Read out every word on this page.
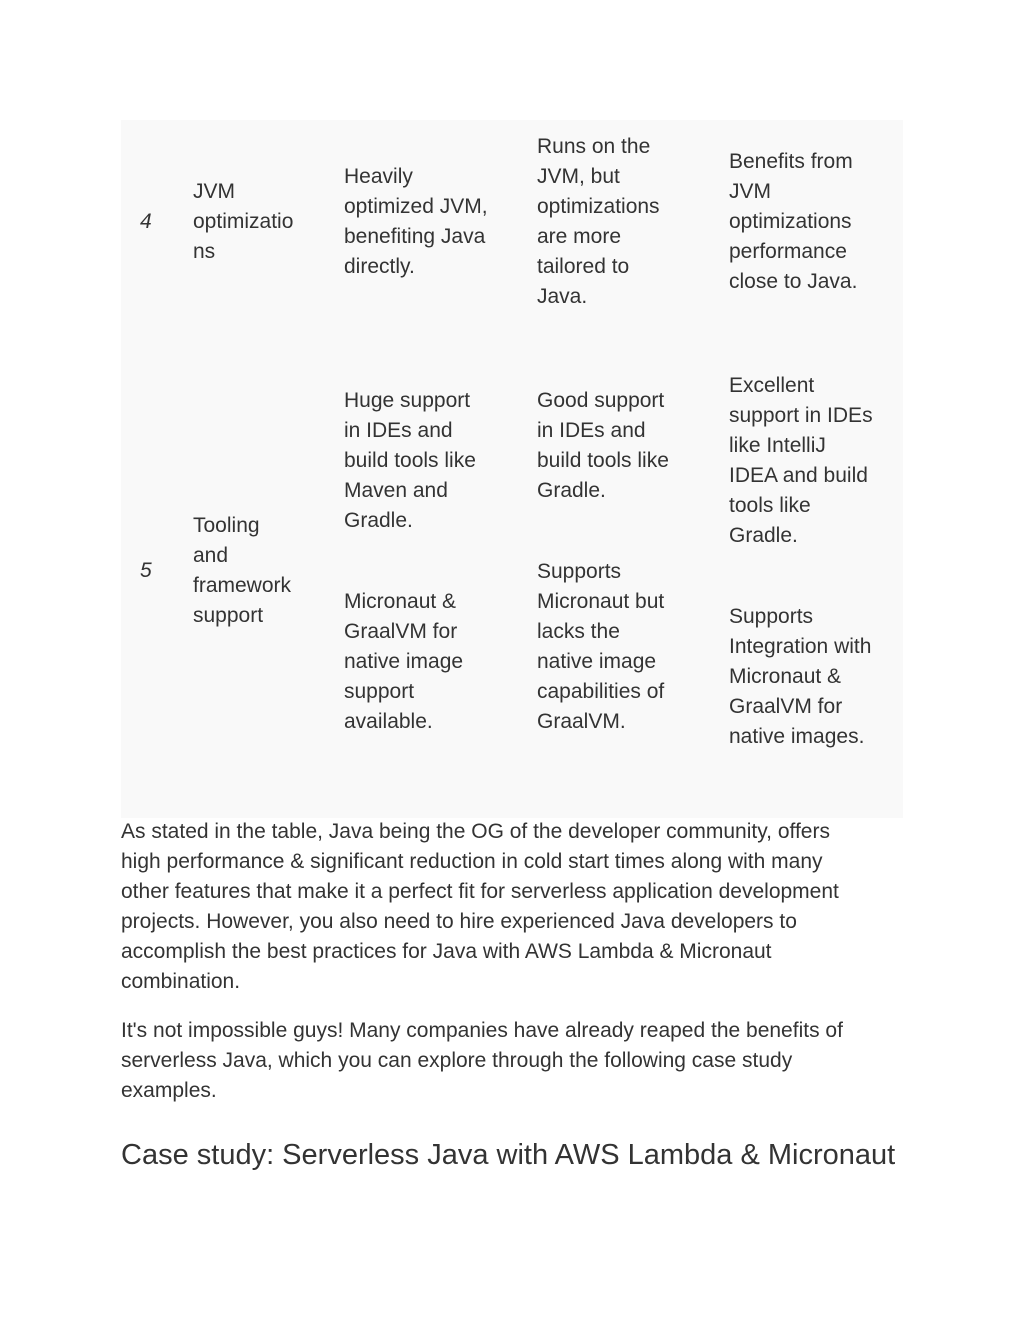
4
JVM
optimizatio
ns
Heavily
optimized JVM,
benefiting Java
directly.
Runs on the
JVM, but
optimizations
are more
tailored to
Java.
Benefits from
JVM
optimizations
performance
close to Java.
5
Tooling
and
framework
support
Huge support
in IDEs and
build tools like
Maven and
Gradle.
Micronaut &
GraalVM for
native image
support
available.
Good support
in IDEs and
build tools like
Gradle.
Supports
Micronaut but
lacks the
native image
capabilities of
GraalVM.
Excellent
support in IDEs
like IntelliJ
IDEA and build
tools like
Gradle.
Supports
Integration with
Micronaut &
GraalVM for
native images.
As stated in the table, Java being the OG of the developer community, offers
high performance & significant reduction in cold start times along with many
other features that make it a perfect fit for serverless application development
projects. However, you also need to hire experienced Java developers to
accomplish the best practices for Java with AWS Lambda & Micronaut
combination.
It's not impossible guys! Many companies have already reaped the benefits of
serverless Java, which you can explore through the following case study
examples.
Case study: Serverless Java with AWS Lambda & Micronaut
